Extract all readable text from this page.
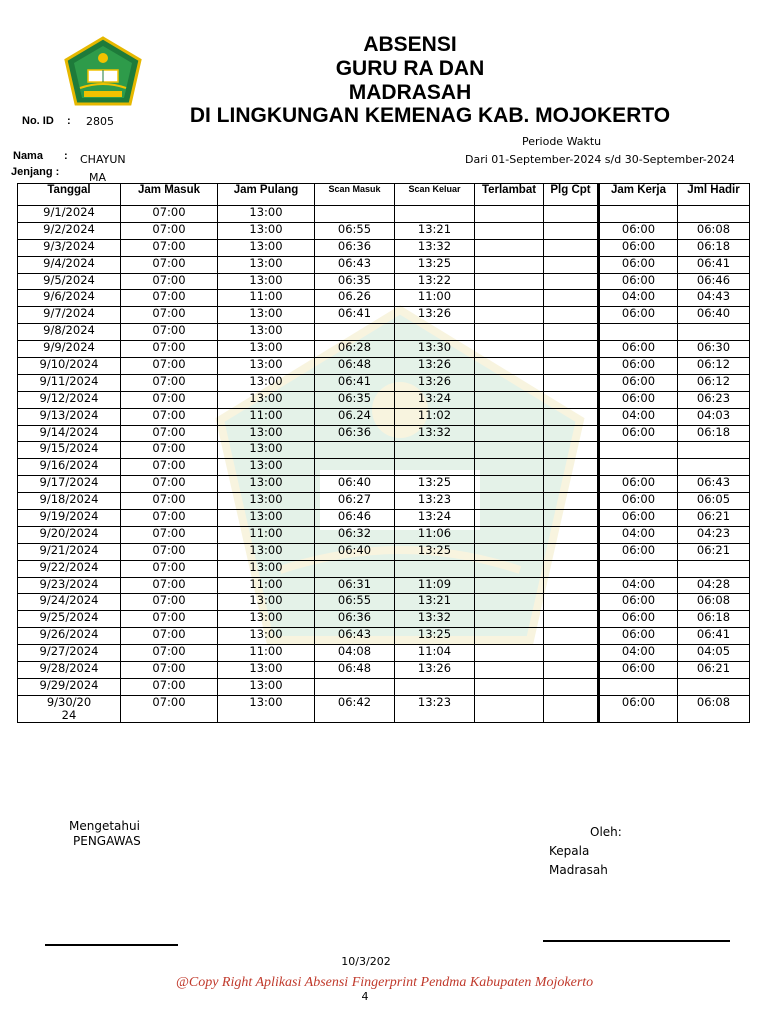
ABSENSI
GURU RA DAN
MADRASAH
DI LINGKUNGAN KEMENAG KAB. MOJOKERTO
No. ID : 2805
Nama : CHAYUN
Jenjang :	MA
Periode Waktu
Dari 01-September-2024 s/d 30-September-2024
Tanggal	Jam Masuk	Jam Pulang	Scan Masuk	Scan Keluar	Terlambat	Plg Cpt	Jam Kerja	Jml Hadir
9/1/2024	07:00	13:00						
9/2/2024	07:00	13:00	06:55	13:21			06:00	06:08
9/3/2024	07:00	13:00	06:36	13:32			06:00	06:18
9/4/2024	07:00	13:00	06:43	13:25			06:00	06:41
9/5/2024	07:00	13:00	06:35	13:22			06:00	06:46
9/6/2024	07:00	11:00	06.26	11:00			04:00	04:43
9/7/2024	07:00	13:00	06:41	13:26			06:00	06:40
9/8/2024	07:00	13:00						
9/9/2024	07:00	13:00	06:28	13:30			06:00	06:30
9/10/2024	07:00	13:00	06:48	13:26			06:00	06:12
9/11/2024	07:00	13:00	06:41	13:26			06:00	06:12
9/12/2024	07:00	13:00	06:35	13:24			06:00	06:23
9/13/2024	07:00	11:00	06.24	11:02			04:00	04:03
9/14/2024	07:00	13:00	06:36	13:32			06:00	06:18
9/15/2024	07:00	13:00						
9/16/2024	07:00	13:00						
9/17/2024	07:00	13:00	06:40	13:25			06:00	06:43
9/18/2024	07:00	13:00	06:27	13:23			06:00	06:05
9/19/2024	07:00	13:00	06:46	13:24			06:00	06:21
9/20/2024	07:00	11:00	06:32	11:06			04:00	04:23
9/21/2024	07:00	13:00	06:40	13:25			06:00	06:21
9/22/2024	07:00	13:00						
9/23/2024	07:00	11:00	06:31	11:09			04:00	04:28
9/24/2024	07:00	13:00	06:55	13:21			06:00	06:08
9/25/2024	07:00	13:00	06:36	13:32			06:00	06:18
9/26/2024	07:00	13:00	06:43	13:25			06:00	06:41
9/27/2024	07:00	11:00	04:08	11:04			04:00	04:05
9/28/2024	07:00	13:00	06:48	13:26			06:00	06:21
9/29/2024	07:00	13:00						
9/30/20
24	07:00	13:00	06:42	13:23			06:00	06:08
Mengetahui
PENGAWAS
Oleh:
Kepala
Madrasah
10/3/202
@Copy Right Aplikasi Absensi Fingerprint Pendma Kabupaten Mojokerto
4
